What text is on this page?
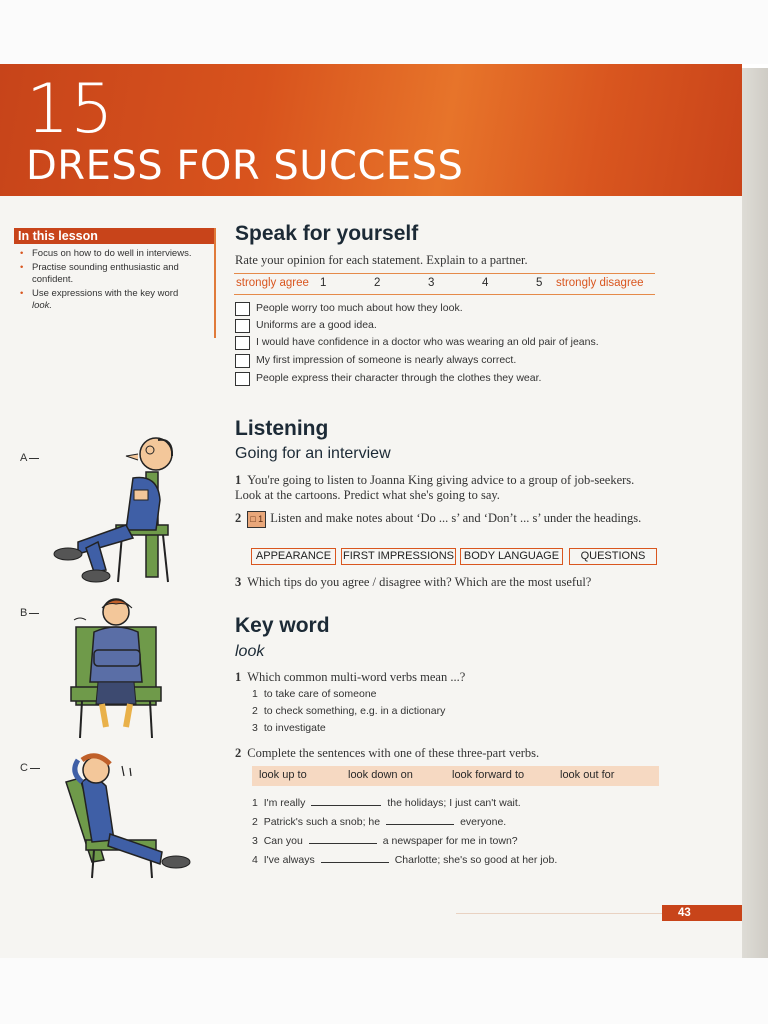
15
DRESS FOR SUCCESS
In this lesson
• Focus on how to do well in interviews.
• Practise sounding enthusiastic and confident.
• Use expressions with the key word
look.
Speak for yourself
Rate your opinion for each statement. Explain to a partner.
strongly agree 1	2	3	4	5 strongly disagree
People worry too much about how they look.
Uniforms are a good idea.
I would have confidence in a doctor who was wearing an old pair of jeans.
My first impression of someone is nearly always correct.
People express their character through the clothes they wear.
Listening
Going for an interview
1 You're going to listen to Joanna King giving advice to a group of job-seekers. Look at the cartoons. Predict what she's going to say.
2 □ 1 Listen and make notes about ‘Do ... s’ and ‘Don’t ... s’ under the headings.
APPEARANCE	FIRST IMPRESSIONS BODY LANGUAGE	QUESTIONS
3 Which tips do you agree / disagree with? Which are the most useful?
Key word
look
1 Which common multi-word verbs mean ...?
1 to take care of someone
2 to check something, e.g. in a dictionary
3 to investigate
2 Complete the sentences with one of these three-part verbs.
look up to	look down on	look forward to	look out for
1 I'm really	the holidays; I just can't wait.
2 Patrick's such a snob; he	everyone.
3 Can you	a newspaper for me in town?
4 I've always	Charlotte; she's so good at her job.
A
B
C
43
